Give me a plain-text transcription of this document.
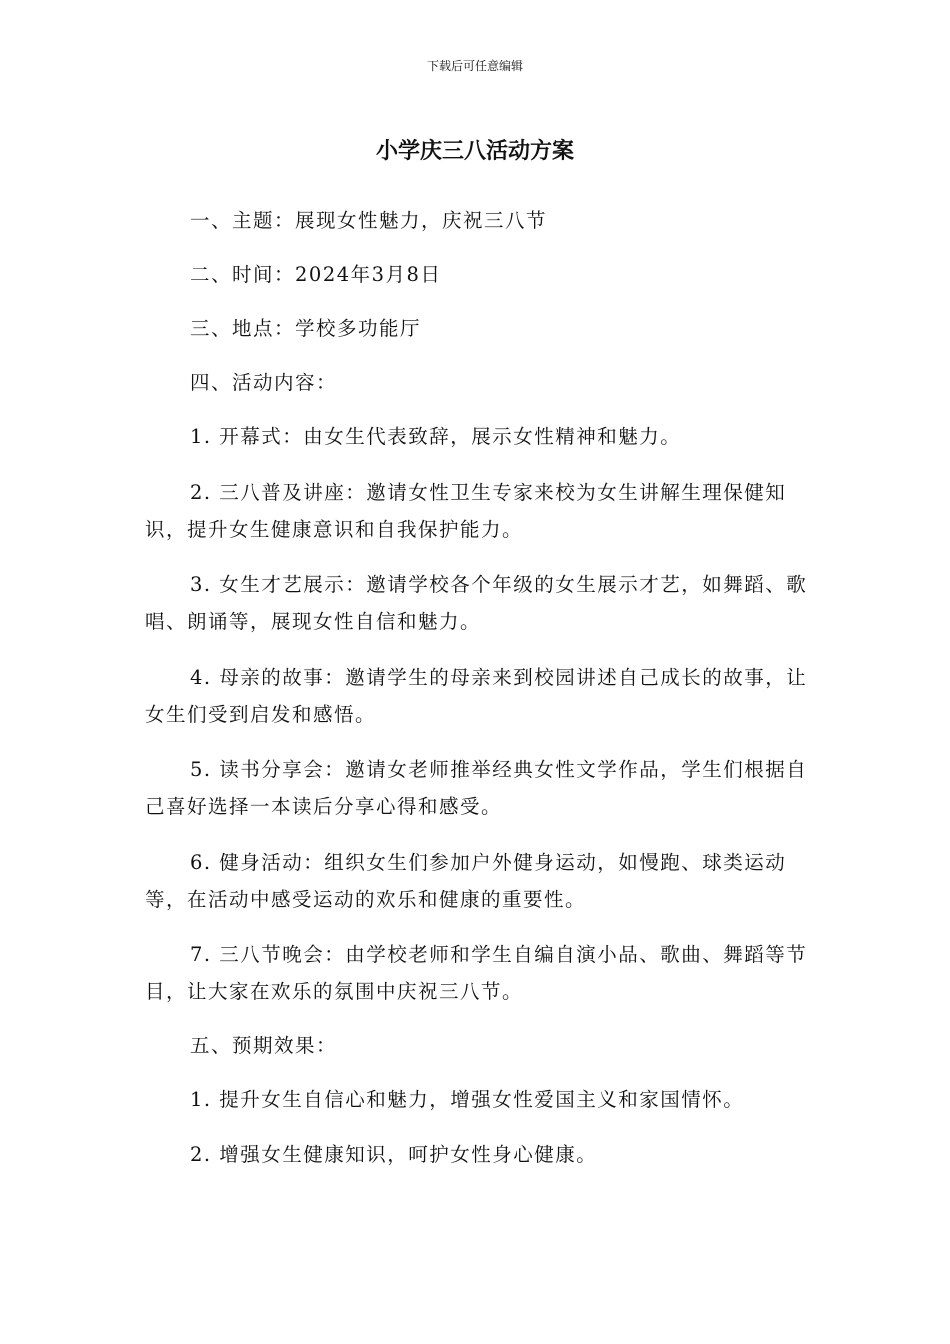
下载后可任意编辑
小学庆三八活动方案
一、主题：展现女性魅力，庆祝三八节
二、时间：2024年3月8日
三、地点：学校多功能厅
四、活动内容：
1. 开幕式：由女生代表致辞，展示女性精神和魅力。
2. 三八普及讲座：邀请女性卫生专家来校为女生讲解生理保健知识，提升女生健康意识和自我保护能力。
3. 女生才艺展示：邀请学校各个年级的女生展示才艺，如舞蹈、歌唱、朗诵等，展现女性自信和魅力。
4. 母亲的故事：邀请学生的母亲来到校园讲述自己成长的故事，让女生们受到启发和感悟。
5. 读书分享会：邀请女老师推举经典女性文学作品，学生们根据自己喜好选择一本读后分享心得和感受。
6. 健身活动：组织女生们参加户外健身运动，如慢跑、球类运动等，在活动中感受运动的欢乐和健康的重要性。
7. 三八节晚会：由学校老师和学生自编自演小品、歌曲、舞蹈等节目，让大家在欢乐的氛围中庆祝三八节。
五、预期效果：
1. 提升女生自信心和魅力，增强女性爱国主义和家国情怀。
2. 增强女生健康知识，呵护女性身心健康。
